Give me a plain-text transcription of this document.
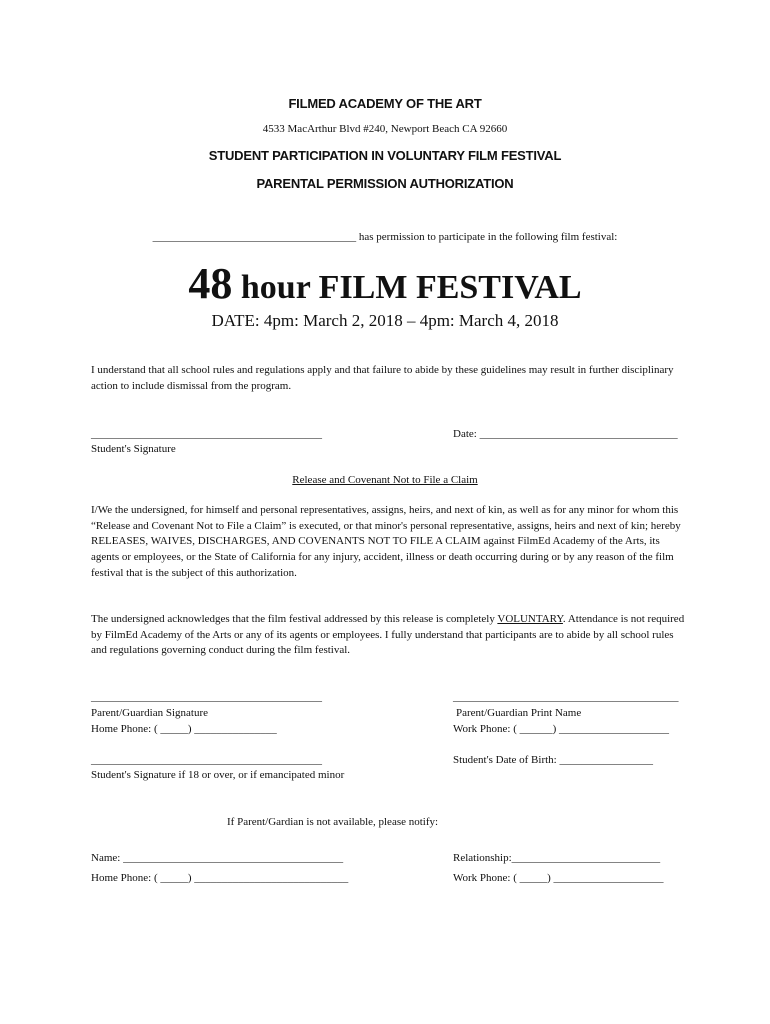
FILMED ACADEMY OF THE ART
4533 MacArthur Blvd #240, Newport Beach CA 92660
STUDENT PARTICIPATION IN VOLUNTARY FILM FESTIVAL
PARENTAL PERMISSION AUTHORIZATION
_____________________________________ has permission to participate in the following film festival:
48 hour FILM FESTIVAL
DATE: 4pm: March 2, 2018 – 4pm: March 4, 2018
I understand that all school rules and regulations apply and that failure to abide by these guidelines may result in further disciplinary action to include dismissal from the program.
__________________________________________
Student's Signature
Date: ____________________________________
Release and Covenant Not to File a Claim
I/We the undersigned, for himself and personal representatives, assigns, heirs, and next of kin, as well as for any minor for whom this “Release and Covenant Not to File a Claim” is executed, or that minor's personal representative, assigns, heirs and next of kin; hereby RELEASES, WAIVES, DISCHARGES, AND COVENANTS NOT TO FILE A CLAIM against FilmEd Academy of the Arts, its agents or employees, or the State of California for any injury, accident, illness or death occurring during or by any reason of the film festival that is the subject of this authorization.
The undersigned acknowledges that the film festival addressed by this release is completely VOLUNTARY. Attendance is not required by FilmEd Academy of the Arts or any of its agents or employees. I fully understand that participants are to abide by all school rules and regulations governing conduct during the film festival.
__________________________________________
Parent/Guardian Signature
Home Phone: ( _____) _______________
_________________________________________
Parent/Guardian Print Name
Work Phone: ( ______) ____________________
__________________________________________
Student's Signature if 18 or over, or if emancipated minor
Student's Date of Birth: _________________
If Parent/Gardian is not available, please notify:
Name: ________________________________________	Relationship:___________________________
Home Phone: ( _____) ____________________________	Work Phone: ( _____) ____________________
